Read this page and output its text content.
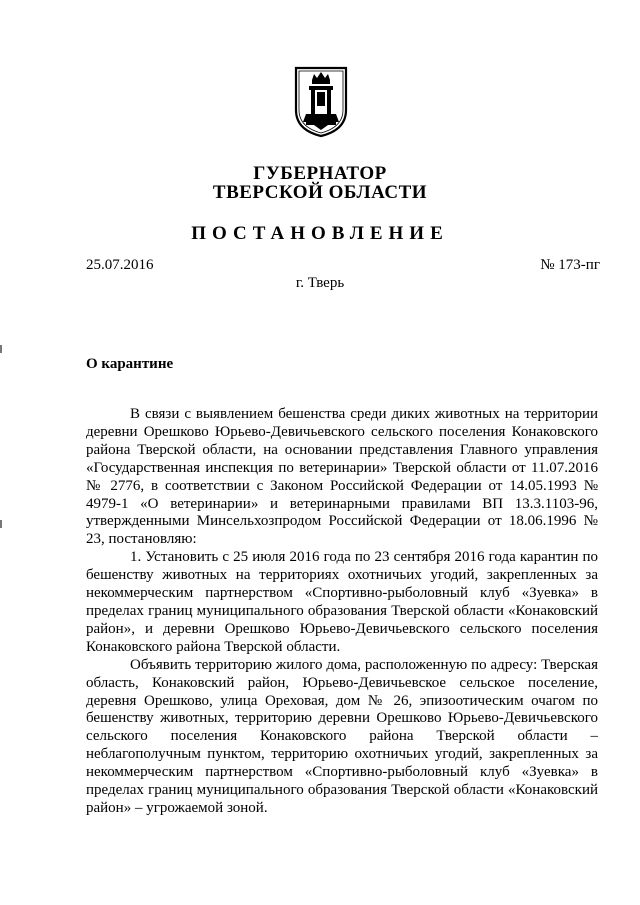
ГУБЕРНАТОР
ТВЕРСКОЙ ОБЛАСТИ
ПОСТАНОВЛЕНИЕ
25.07.2016	№ 173-пг
г. Тверь
О карантине

В связи с выявлением бешенства среди диких животных на территории деревни Орешково Юрьево-Девичьевского сельского поселения Конаковского района Тверской области, на основании представления Главного управления «Государственная инспекция по ветеринарии» Тверской области от 11.07.2016 № 2776, в соответствии с Законом Российской Федерации от 14.05.1993 № 4979-1 «О ветеринарии» и ветеринарными правилами ВП 13.3.1103-96, утвержденными Минсельхозпродом Российской Федерации от 18.06.1996 № 23, постановляю:

1. Установить с 25 июля 2016 года по 23 сентября 2016 года карантин по бешенству животных на территориях охотничьих угодий, закрепленных за некоммерческим партнерством «Спортивно-рыболовный клуб «Зуевка» в пределах границ муниципального образования Тверской области «Конаковский район», и деревни Орешково Юрьево-Девичьевского сельского поселения Конаковского района Тверской области.

Объявить территорию жилого дома, расположенную по адресу: Тверская область, Конаковский район, Юрьево-Девичьевское сельское поселение, деревня Орешково, улица Ореховая, дом № 26, эпизоотическим очагом по бешенству животных, территорию деревни Орешково Юрьево-Девичьевского сельского поселения Конаковского района Тверской области – неблагополучным пунктом, территорию охотничьих угодий, закрепленных за некоммерческим партнерством «Спортивно-рыболовный клуб «Зуевка» в пределах границ муниципального образования Тверской области «Конаковский район» – угрожаемой зоной.
